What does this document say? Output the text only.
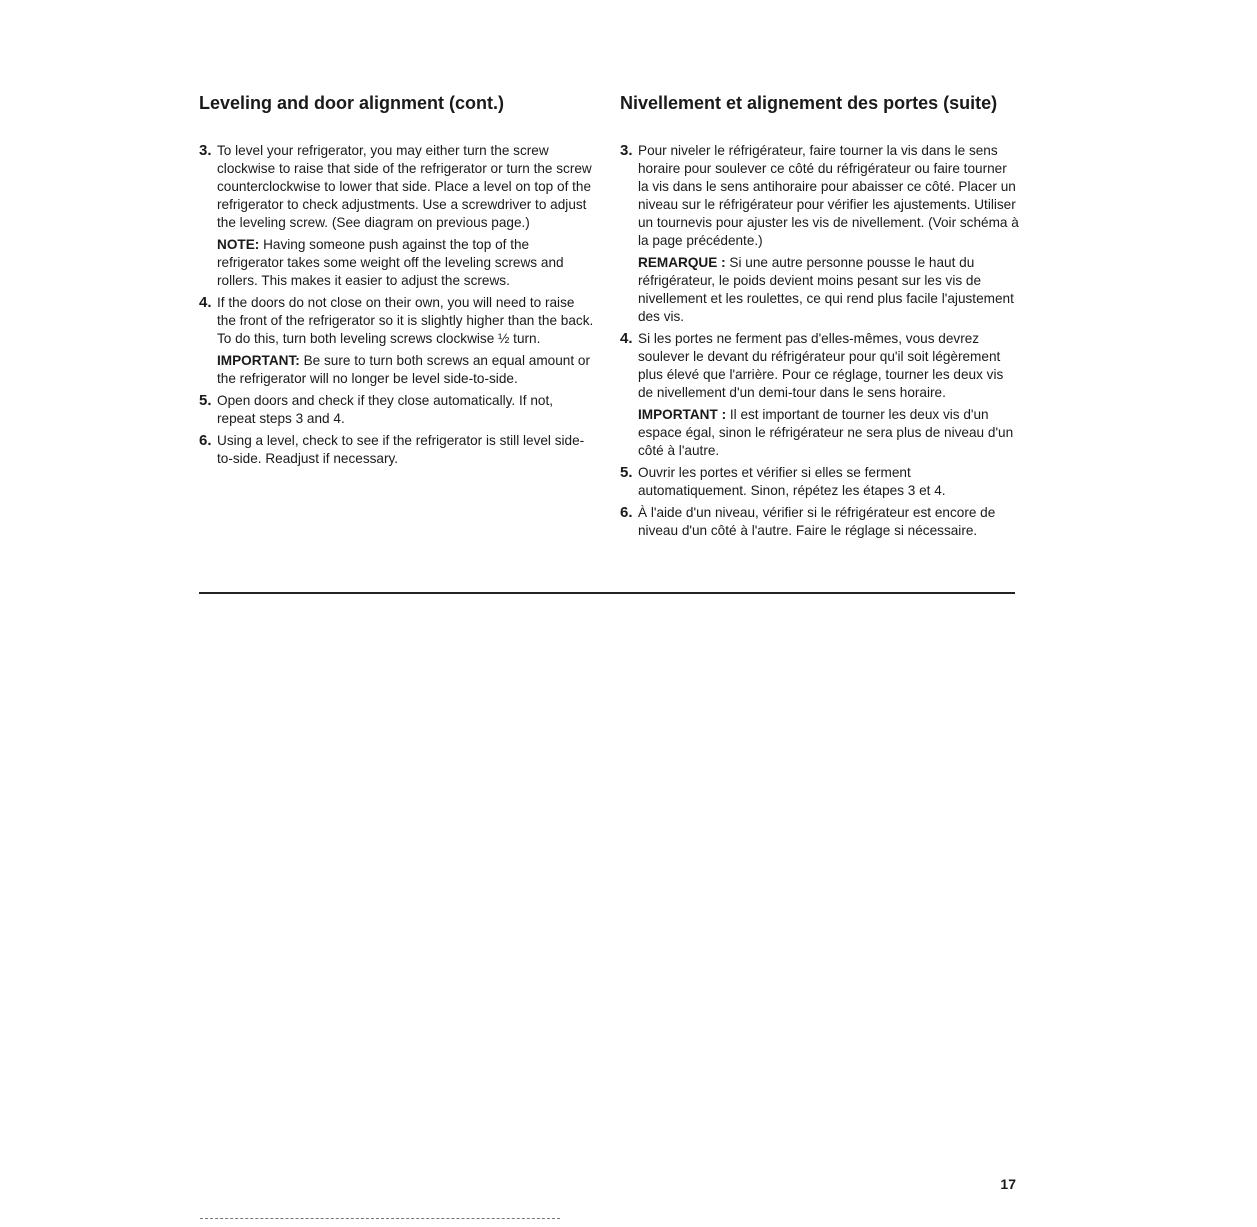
Leveling and door alignment (cont.)
3. To level your refrigerator, you may either turn the screw clockwise to raise that side of the refrigerator or turn the screw counterclockwise to lower that side. Place a level on top of the refrigerator to check adjustments. Use a screwdriver to adjust the leveling screw. (See diagram on previous page.)

NOTE: Having someone push against the top of the refrigerator takes some weight off the leveling screws and rollers. This makes it easier to adjust the screws.

4. If the doors do not close on their own, you will need to raise the front of the refrigerator so it is slightly higher than the back. To do this, turn both leveling screws clockwise ½ turn.

IMPORTANT: Be sure to turn both screws an equal amount or the refrigerator will no longer be level side-to-side.

5. Open doors and check if they close automatically. If not, repeat steps 3 and 4.

6. Using a level, check to see if the refrigerator is still level side-to-side. Readjust if necessary.

Nivellement et alignement des portes (suite)
3. Pour niveler le réfrigérateur, faire tourner la vis dans le sens horaire pour soulever ce côté du réfrigérateur ou faire tourner la vis dans le sens antihoraire pour abaisser ce côté. Placer un niveau sur le réfrigérateur pour vérifier les ajustements. Utiliser un tournevis pour ajuster les vis de nivellement. (Voir schéma à la page précédente.)

REMARQUE : Si une autre personne pousse le haut du réfrigérateur, le poids devient moins pesant sur les vis de nivellement et les roulettes, ce qui rend plus facile l'ajustement des vis.

4. Si les portes ne ferment pas d'elles-mêmes, vous devrez soulever le devant du réfrigérateur pour qu'il soit légèrement plus élevé que l'arrière. Pour ce réglage, tourner les deux vis de nivellement d'un demi-tour dans le sens horaire.

IMPORTANT : Il est important de tourner les deux vis d'un espace égal, sinon le réfrigérateur ne sera plus de niveau d'un côté à l'autre.

5. Ouvrir les portes et vérifier si elles se ferment automatiquement. Sinon, répétez les étapes 3 et 4.

6. À l'aide d'un niveau, vérifier si le réfrigérateur est encore de niveau d'un côté à l'autre. Faire le réglage si nécessaire.

17
